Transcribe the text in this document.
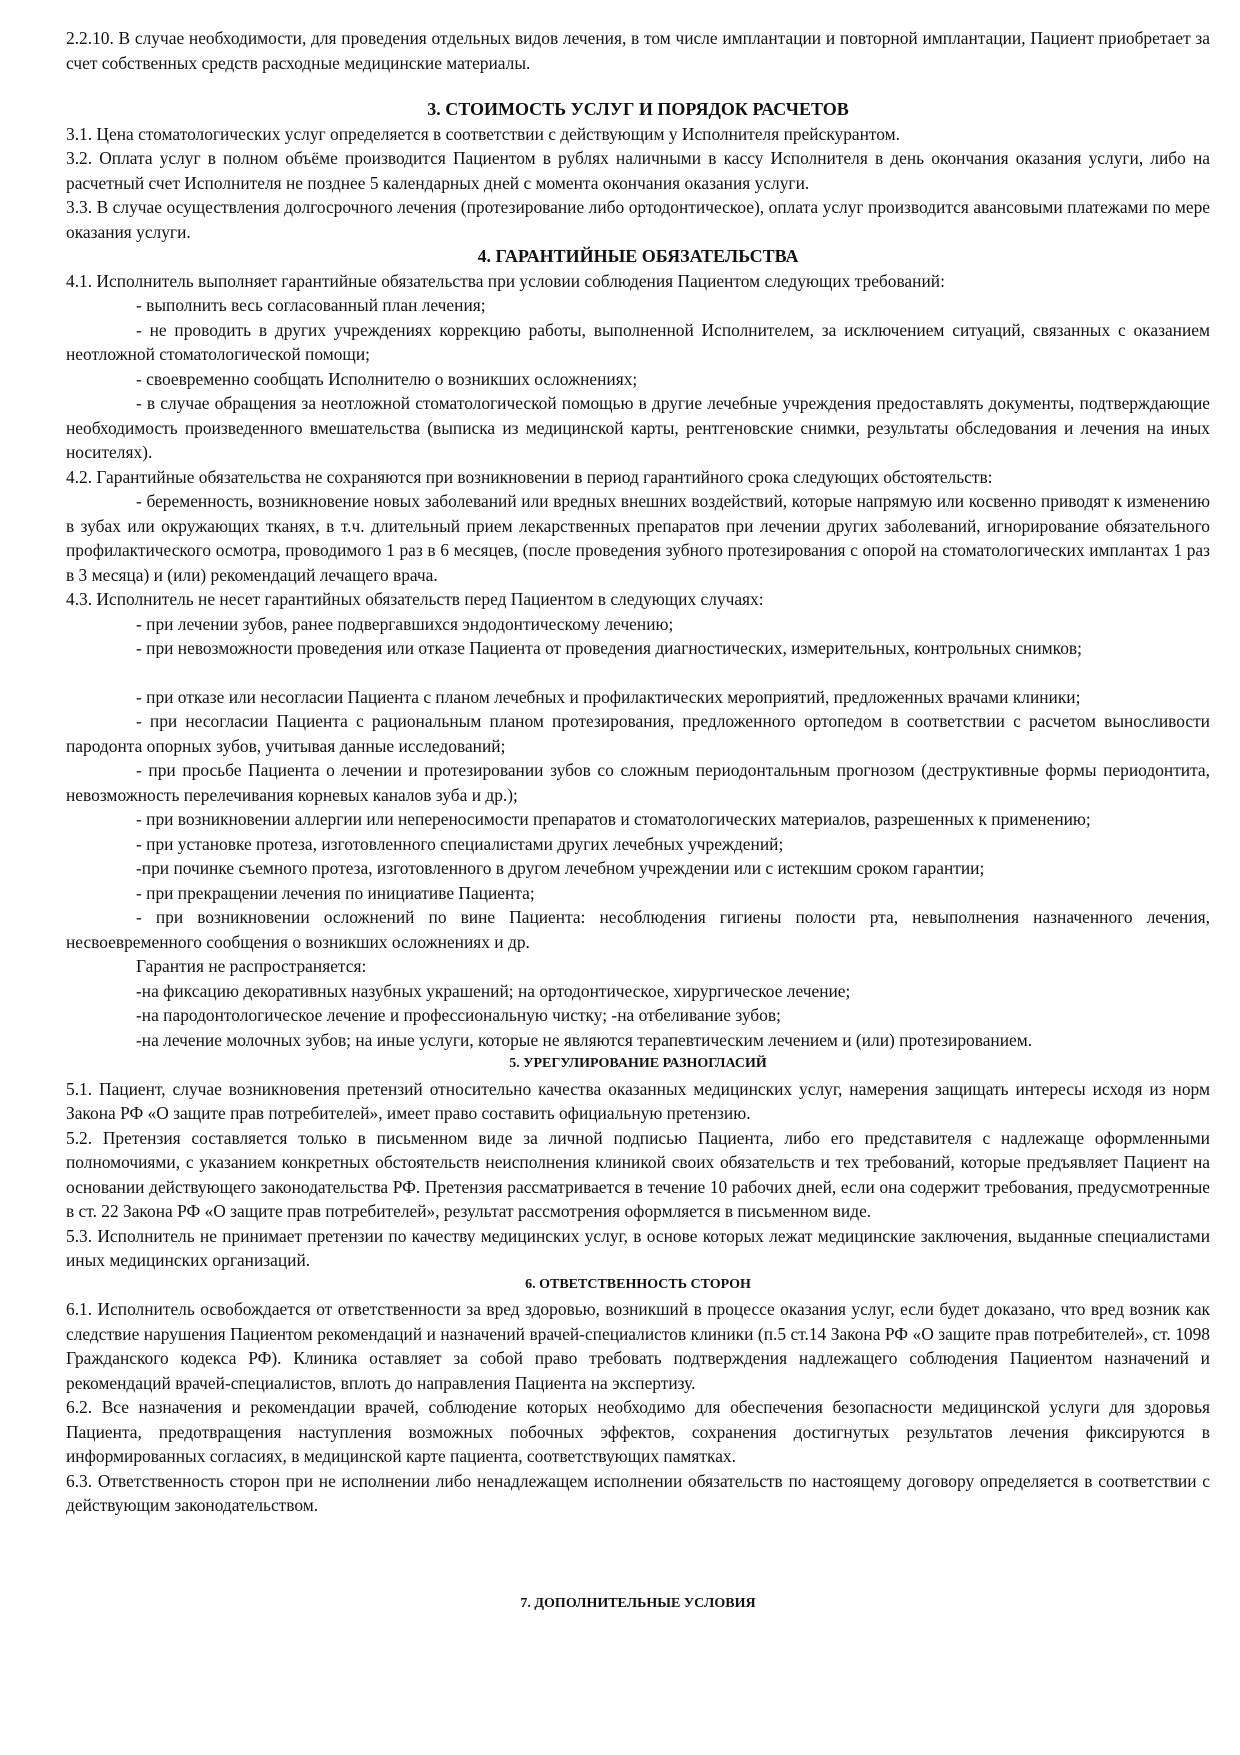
2.2.10. В случае необходимости, для проведения отдельных видов лечения, в том числе имплантации и повторной имплантации, Пациент приобретает за счет собственных средств расходные медицинские материалы.

3. СТОИМОСТЬ УСЛУГ И ПОРЯДОК РАСЧЕТОВ

3.1. Цена стоматологических услуг определяется в соответствии с действующим у Исполнителя прейскурантом.

3.2. Оплата услуг в полном объёме производится Пациентом в рублях наличными в кассу Исполнителя в день окончания оказания услуги, либо на расчетный счет Исполнителя не позднее 5 календарных дней с момента окончания оказания услуги.

3.3. В случае осуществления долгосрочного лечения (протезирование либо ортодонтическое), оплата услуг производится авансовыми платежами по мере оказания услуги.

4. ГАРАНТИЙНЫЕ ОБЯЗАТЕЛЬСТВА

4.1. Исполнитель выполняет гарантийные обязательства при условии соблюдения Пациентом следующих требований:

- выполнить весь согласованный план лечения;

- не проводить в других учреждениях коррекцию работы, выполненной Исполнителем, за исключением ситуаций, связанных с оказанием неотложной стоматологической помощи;

- своевременно сообщать Исполнителю о возникших осложнениях;

- в случае обращения за неотложной стоматологической помощью в другие лечебные учреждения предоставлять документы, подтверждающие необходимость произведенного вмешательства (выписка из медицинской карты, рентгеновские снимки, результаты обследования и лечения на иных носителях).

4.2. Гарантийные обязательства не сохраняются при возникновении в период гарантийного срока следующих обстоятельств:

- беременность, возникновение новых заболеваний или вредных внешних воздействий, которые напрямую или косвенно приводят к изменению в зубах или окружающих тканях, в т.ч. длительный прием лекарственных препаратов при лечении других заболеваний, игнорирование обязательного профилактического осмотра, проводимого 1 раз в 6 месяцев, (после проведения зубного протезирования с опорой на стоматологических имплантах 1 раз в 3 месяца) и (или) рекомендаций лечащего врача.

4.3. Исполнитель не несет гарантийных обязательств перед Пациентом в следующих случаях:

- при лечении зубов, ранее подвергавшихся эндодонтическому лечению;

- при невозможности проведения или отказе Пациента от проведения диагностических, измерительных, контрольных снимков;

- при отказе или несогласии Пациента с планом лечебных и профилактических мероприятий, предложенных врачами клиники;

- при несогласии Пациента с рациональным планом протезирования, предложенного ортопедом в соответствии с расчетом выносливости пародонта опорных зубов, учитывая данные исследований;

- при просьбе Пациента о лечении и протезировании зубов со сложным периодонтальным прогнозом (деструктивные формы периодонтита, невозможность перелечивания корневых каналов зуба и др.);

- при возникновении аллергии или непереносимости препаратов и стоматологических материалов, разрешенных к применению;

- при установке протеза, изготовленного специалистами других лечебных учреждений;

-при починке съемного протеза, изготовленного в другом лечебном учреждении или с истекшим сроком гарантии;

- при прекращении лечения по инициативе Пациента;

- при возникновении осложнений по вине Пациента: несоблюдения гигиены полости рта, невыполнения назначенного лечения, несвоевременного сообщения о возникших осложнениях и др.

Гарантия не распространяется:

-на фиксацию декоративных назубных украшений; на ортодонтическое, хирургическое лечение;

-на пародонтологическое лечение и профессиональную чистку; -на отбеливание зубов;

-на лечение молочных зубов; на иные услуги, которые не являются терапевтическим лечением и (или) протезированием.

5. УРЕГУЛИРОВАНИЕ РАЗНОГЛАСИЙ

5.1. Пациент, случае возникновения претензий относительно качества оказанных медицинских услуг, намерения защищать интересы исходя из норм Закона РФ «О защите прав потребителей», имеет право составить официальную претензию.

5.2. Претензия составляется только в письменном виде за личной подписью Пациента, либо его представителя с надлежаще оформленными полномочиями, с указанием конкретных обстоятельств неисполнения клиникой своих обязательств и тех требований, которые предъявляет Пациент на основании действующего законодательства РФ. Претензия рассматривается в течение 10 рабочих дней, если она содержит требования, предусмотренные в ст. 22 Закона РФ «О защите прав потребителей», результат рассмотрения оформляется в письменном виде.

5.3. Исполнитель не принимает претензии по качеству медицинских услуг, в основе которых лежат медицинские заключения, выданные специалистами иных медицинских организаций.

6. ОТВЕТСТВЕННОСТЬ СТОРОН

6.1. Исполнитель освобождается от ответственности за вред здоровью, возникший в процессе оказания услуг, если будет доказано, что вред возник как следствие нарушения Пациентом рекомендаций и назначений врачей-специалистов клиники (п.5 ст.14 Закона РФ «О защите прав потребителей», ст. 1098 Гражданского кодекса РФ). Клиника оставляет за собой право требовать подтверждения надлежащего соблюдения Пациентом назначений и рекомендаций врачей-специалистов, вплоть до направления Пациента на экспертизу.

6.2. Все назначения и рекомендации врачей, соблюдение которых необходимо для обеспечения безопасности медицинской услуги для здоровья Пациента, предотвращения наступления возможных побочных эффектов, сохранения достигнутых результатов лечения фиксируются в информированных согласиях, в медицинской карте пациента, соответствующих памятках.

6.3. Ответственность сторон при не исполнении либо ненадлежащем исполнении обязательств по настоящему договору определяется в соответствии с действующим законодательством.

7. ДОПОЛНИТЕЛЬНЫЕ УСЛОВИЯ
